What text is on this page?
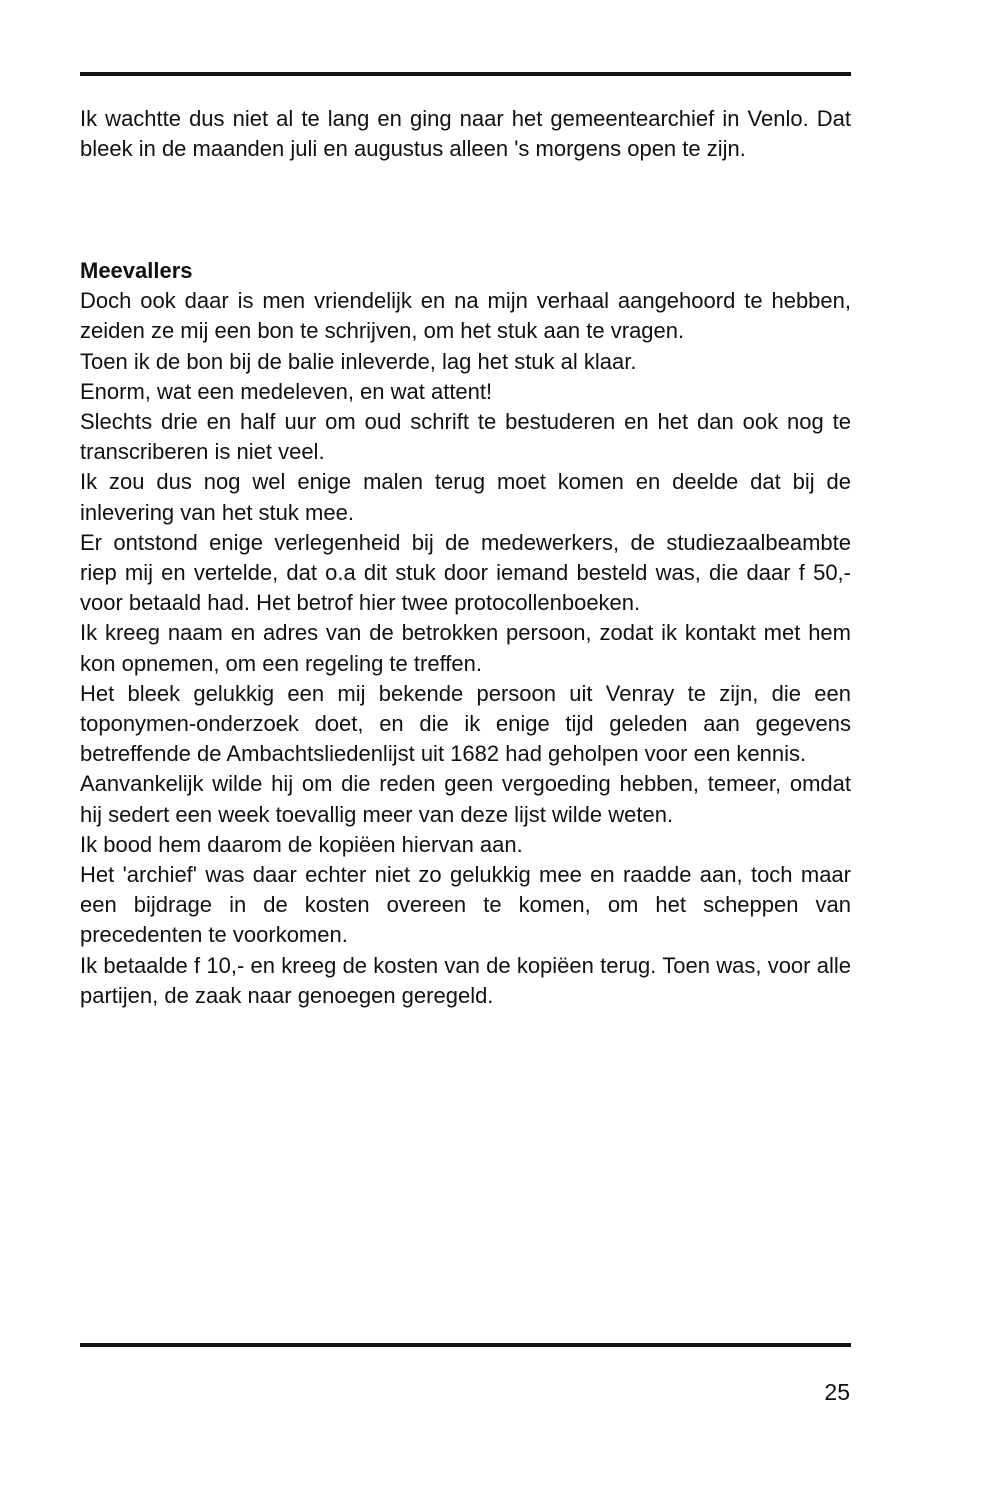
Ik wachtte dus niet al te lang en ging naar het gemeentearchief in Venlo. Dat bleek in de maanden juli en augustus alleen 's morgens open te zijn.

Meevallers

Doch ook daar is men vriendelijk en na mijn verhaal aangehoord te hebben, zeiden ze mij een bon te schrijven, om het stuk aan te vragen.

Toen ik de bon bij de balie inleverde, lag het stuk al klaar.

Enorm, wat een medeleven, en wat attent!

Slechts drie en half uur om oud schrift te bestuderen en het dan ook nog te transcriberen is niet veel.

Ik zou dus nog wel enige malen terug moet komen en deelde dat bij de inlevering van het stuk mee.

Er ontstond enige verlegenheid bij de medewerkers, de studiezaalbeambte riep mij en vertelde, dat o.a dit stuk door iemand besteld was, die daar f 50,- voor betaald had. Het betrof hier twee protocollenboeken.

Ik kreeg naam en adres van de betrokken persoon, zodat ik kontakt met hem kon opnemen, om een regeling te treffen.

Het bleek gelukkig een mij bekende persoon uit Venray te zijn, die een toponymen-onderzoek doet, en die ik enige tijd geleden aan gegevens betreffende de Ambachtsliedenlijst uit 1682 had geholpen voor een kennis.

Aanvankelijk wilde hij om die reden geen vergoeding hebben, temeer, omdat hij sedert een week toevallig meer van deze lijst wilde weten.

Ik bood hem daarom de kopiëen hiervan aan.

Het 'archief' was daar echter niet zo gelukkig mee en raadde aan, toch maar een bijdrage in de kosten overeen te komen, om het scheppen van precedenten te voorkomen.

Ik betaalde f 10,- en kreeg de kosten van de kopiëen terug. Toen was, voor alle partijen, de zaak naar genoegen geregeld.

25
